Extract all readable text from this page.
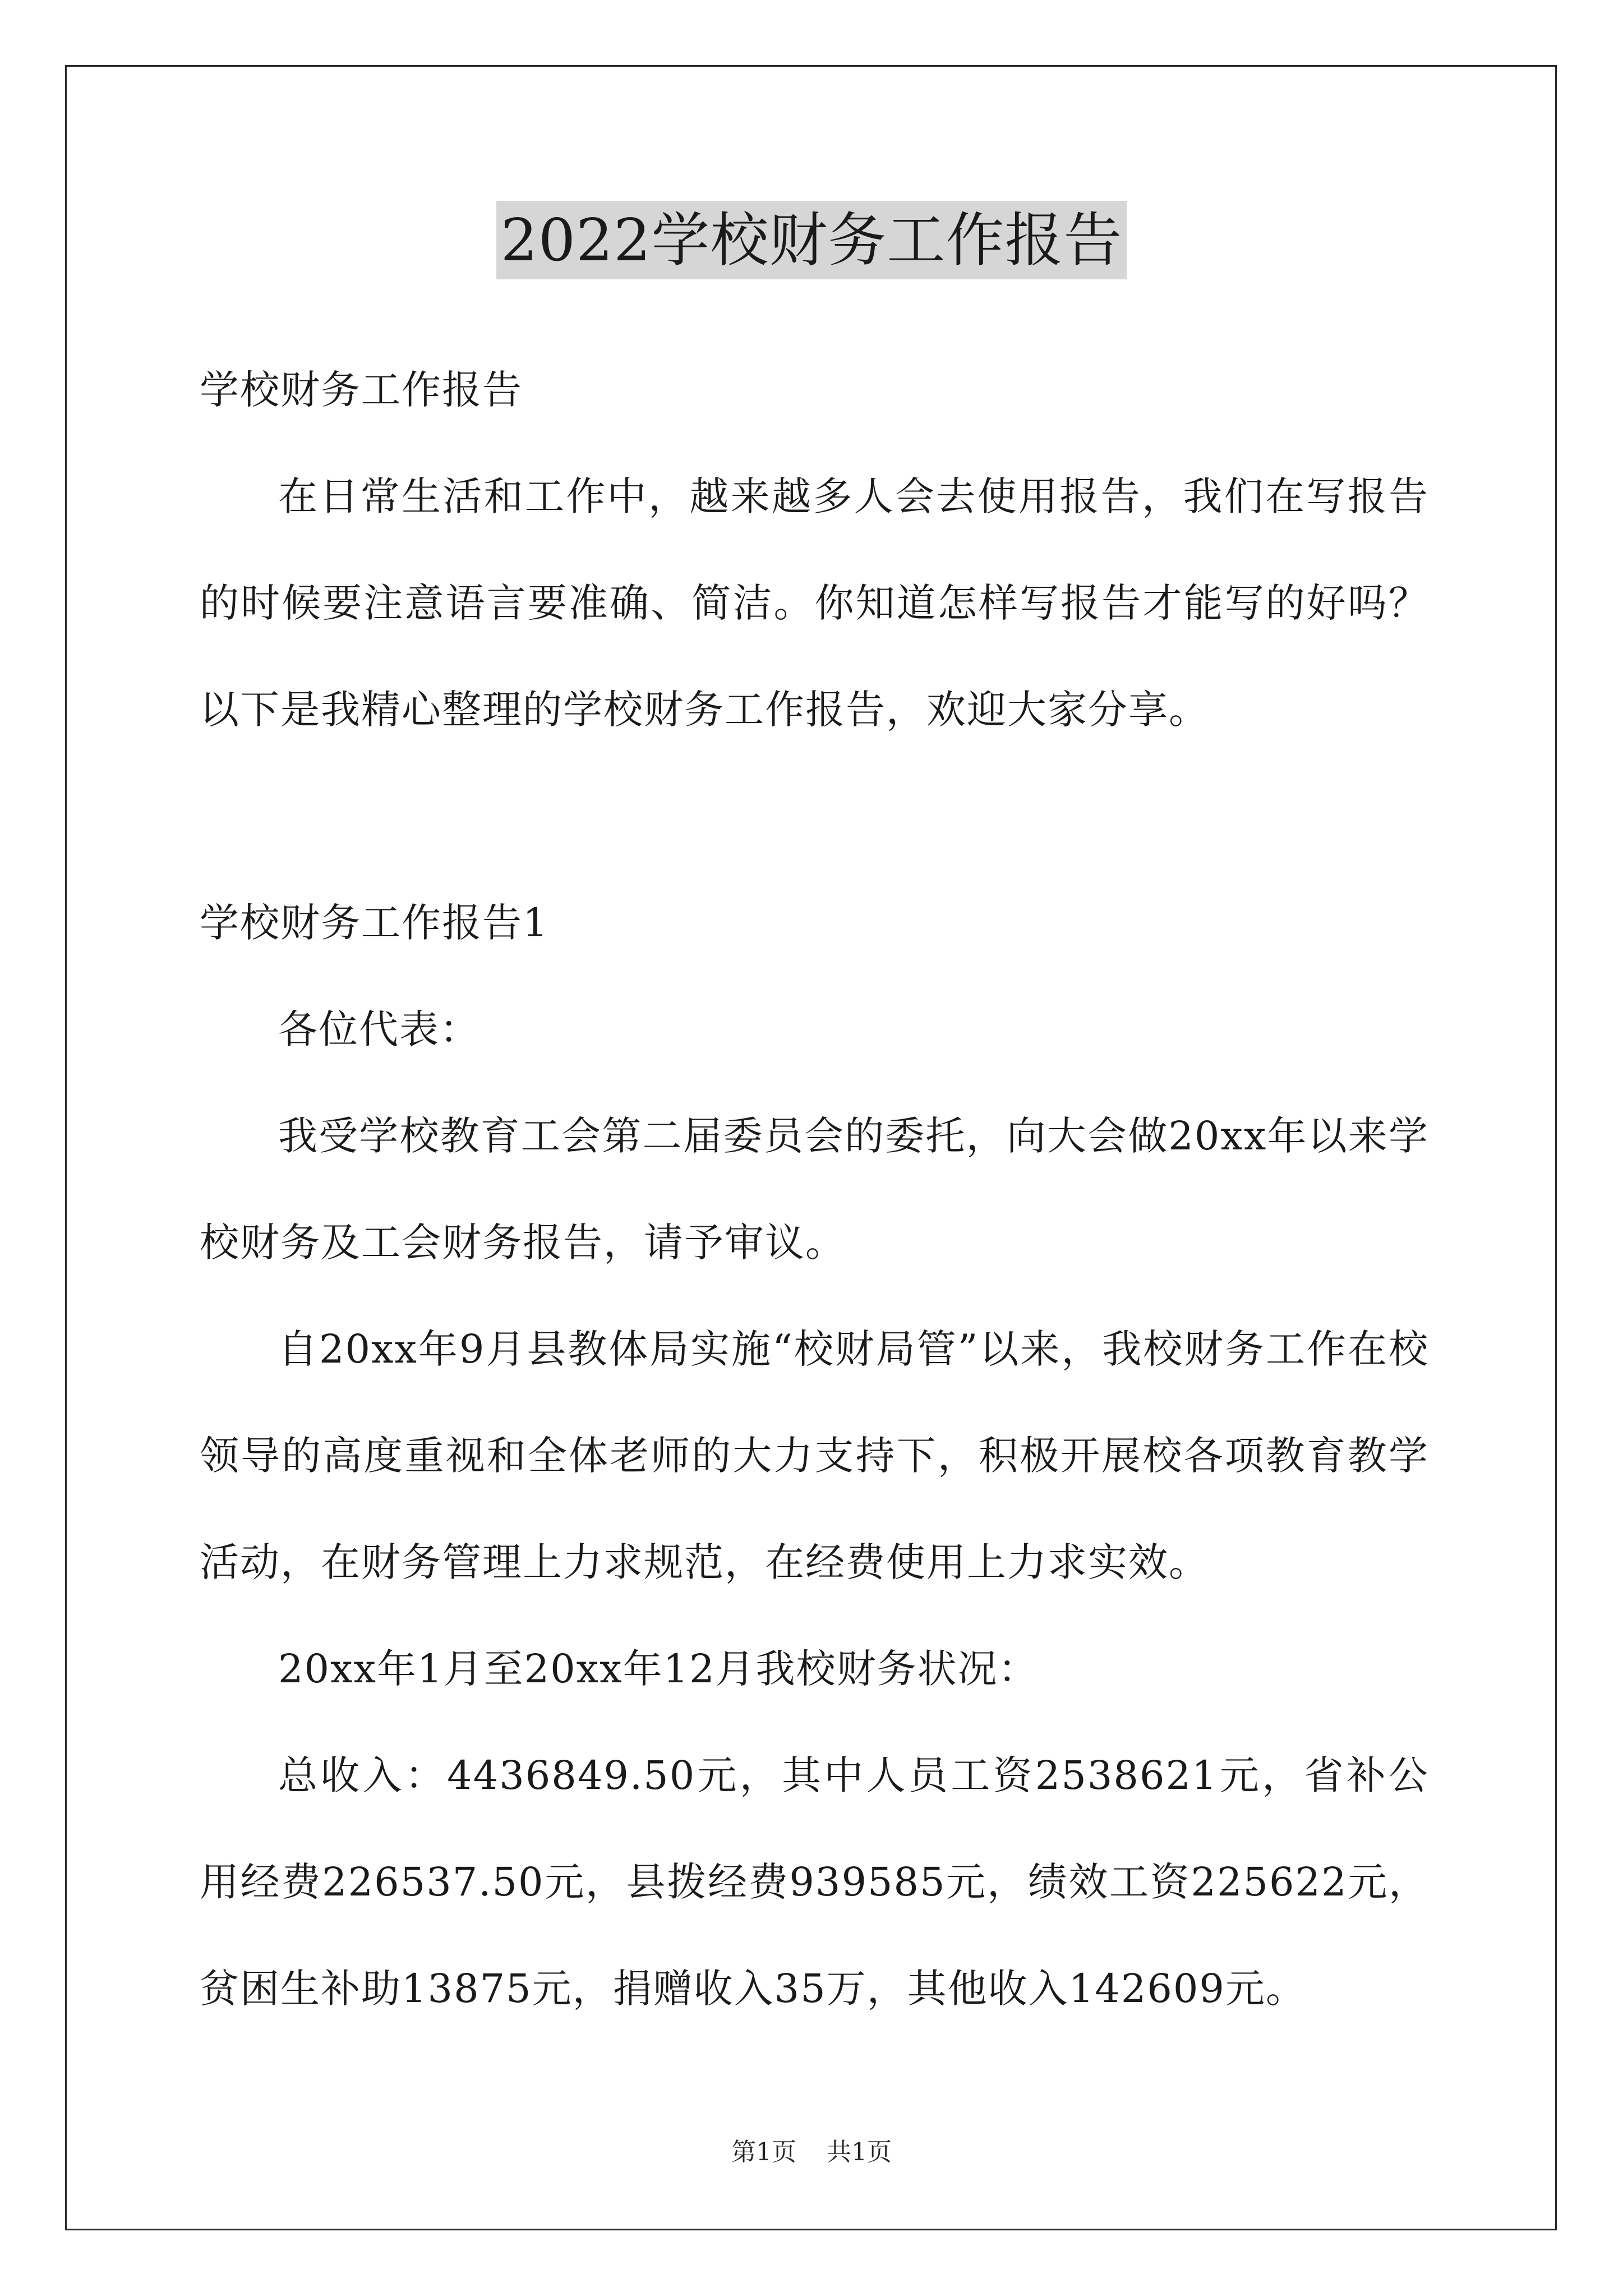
2022学校财务工作报告

学校财务工作报告

在日常生活和工作中，越来越多人会去使用报告，我们在写报告的时候要注意语言要准确、简洁。你知道怎样写报告才能写的好吗？以下是我精心整理的学校财务工作报告，欢迎大家分享。

学校财务工作报告1

各位代表：

我受学校教育工会第二届委员会的委托，向大会做20xx年以来学校财务及工会财务报告，请予审议。

自20xx年9月县教体局实施“校财局管”以来，我校财务工作在校领导的高度重视和全体老师的大力支持下，积极开展校各项教育教学活动，在财务管理上力求规范，在经费使用上力求实效。

20xx年1月至20xx年12月我校财务状况：

总收入：4436849.50元，其中人员工资2538621元，省补公用经费226537.50元，县拨经费939585元，绩效工资225622元，贫困生补助13875元，捐赠收入35万，其他收入142609元。

第1页 共1页
